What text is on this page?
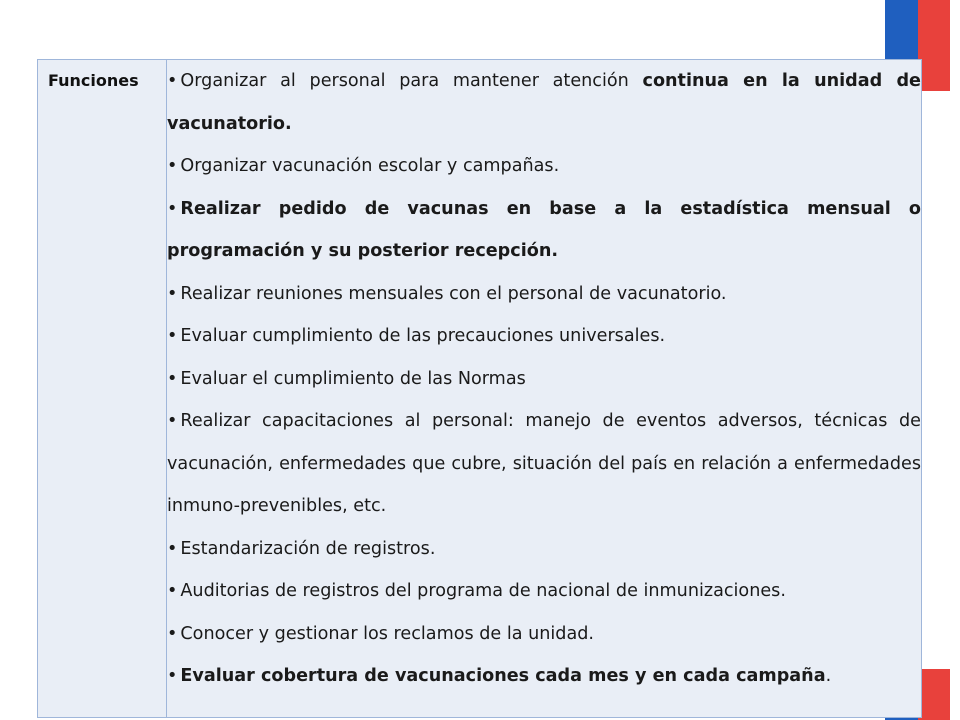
Funciones	• Organizar al personal para mantener atención continua en la unidad de vacunatorio.
• Organizar vacunación escolar y campañas.
• Realizar pedido de vacunas en base a la estadística mensual o programación y su posterior recepción.
• Realizar reuniones mensuales con el personal de vacunatorio.
• Evaluar cumplimiento de las precauciones universales.
• Evaluar el cumplimiento de las Normas
• Realizar capacitaciones al personal: manejo de eventos adversos, técnicas de vacunación, enfermedades que cubre, situación del país en relación a enfermedades inmuno-prevenibles, etc.
• Estandarización de registros.
• Auditorias de registros del programa de nacional de inmunizaciones.
• Conocer y gestionar los reclamos de la unidad.
• Evaluar cobertura de vacunaciones cada mes y en cada campaña.
